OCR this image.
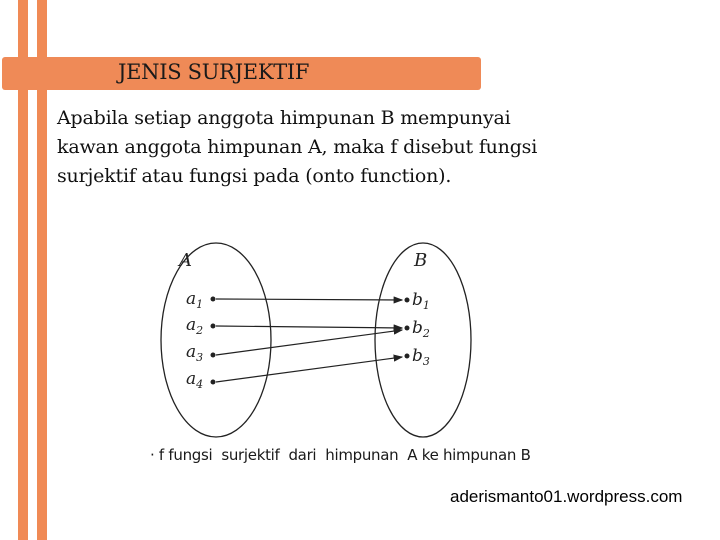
JENIS SURJEKTIF
Apabila setiap anggota himpunan B mempunyai
kawan anggota himpunan A, maka f disebut fungsi
surjektif atau fungsi pada (onto function).
A	B
$a_1$
$a_2$
$a_3$
$a_4$
$b_1$
$b_2$
$b_3$
· f fungsi  surjektif  dari  himpunan  A ke himpunan B
aderismanto01.wordpress.com
